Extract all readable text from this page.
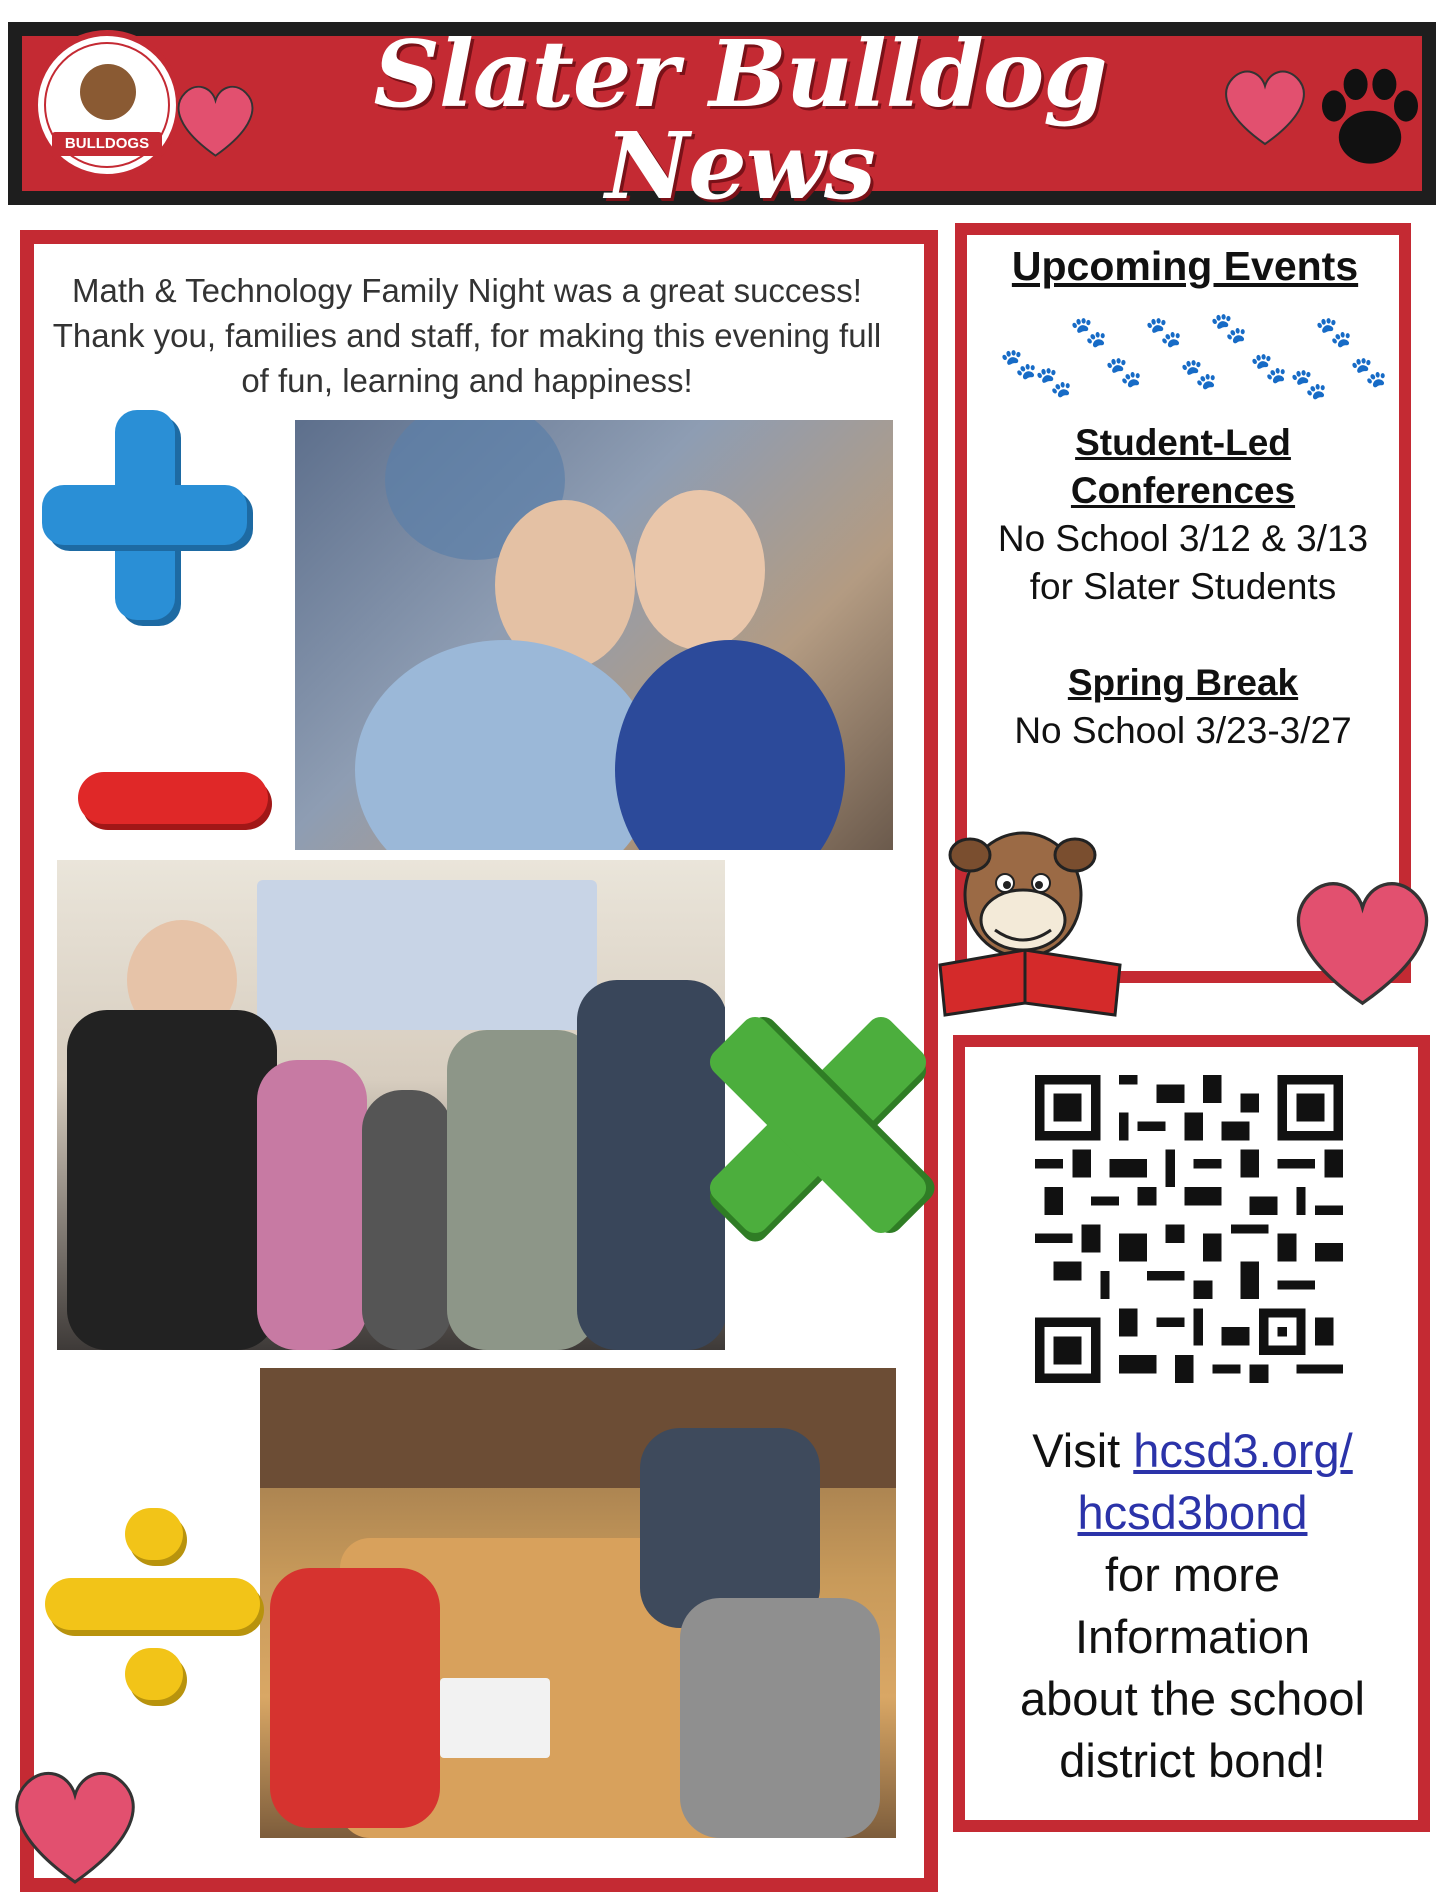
BULLDOGS
Slater Bulldog News
Math & Technology Family Night was a great success! Thank you, families and staff, for making this evening full of fun, learning and happiness!
Upcoming Events
🐾 🐾 🐾 🐾
🐾
🐾 🐾 🐾 🐾 🐾 🐾
Student-Led
Conferences
No School 3/12 & 3/13
for Slater Students
Spring Break
No School 3/23-3/27
Visit hcsd3.org/
hcsd3bond
for more
Information
about the school
district bond!
